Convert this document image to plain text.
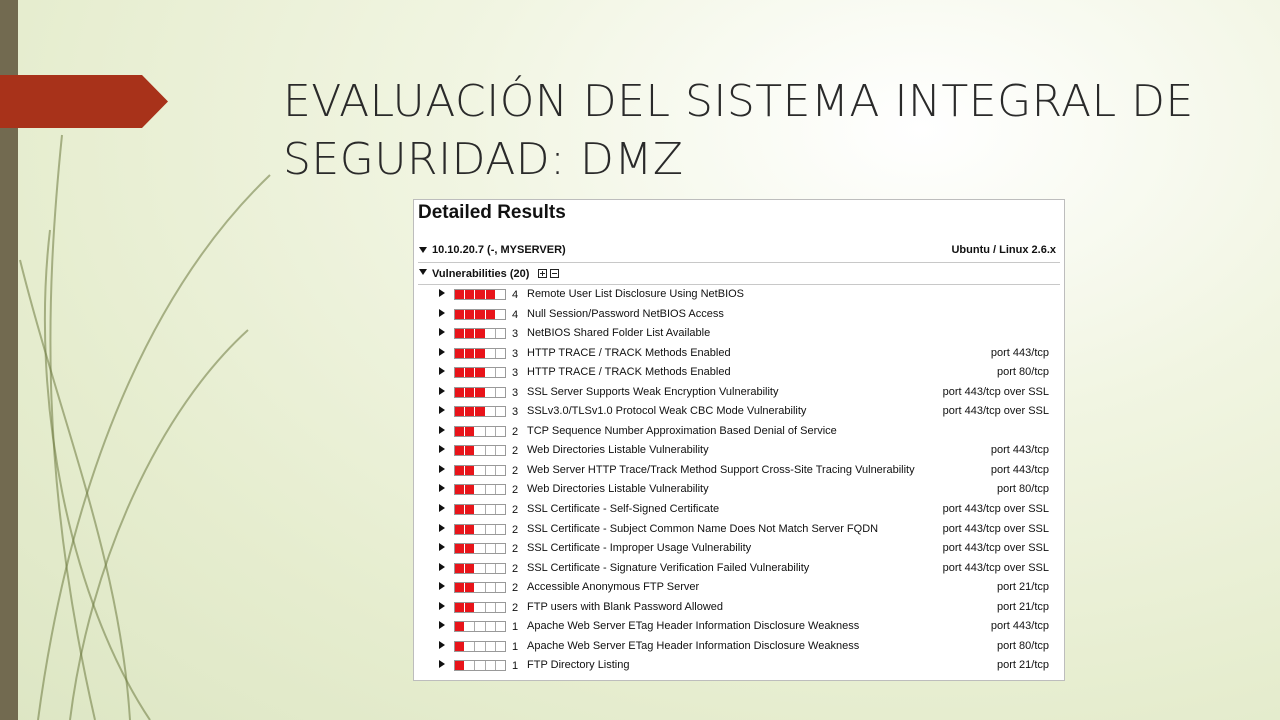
EVALUACIÓN DEL SISTEMA INTEGRAL DE
SEGURIDAD: DMZ
Detailed Results
10.10.20.7 (-, MYSERVER)	Ubuntu / Linux 2.6.x
Vulnerabilities (20)
4 Remote User List Disclosure Using NetBIOS
4 Null Session/Password NetBIOS Access
3 NetBIOS Shared Folder List Available
3 HTTP TRACE / TRACK Methods Enabled	port 443/tcp
3 HTTP TRACE / TRACK Methods Enabled	port 80/tcp
3 SSL Server Supports Weak Encryption Vulnerability	port 443/tcp over SSL
3 SSLv3.0/TLSv1.0 Protocol Weak CBC Mode Vulnerability	port 443/tcp over SSL
2 TCP Sequence Number Approximation Based Denial of Service
2 Web Directories Listable Vulnerability	port 443/tcp
2 Web Server HTTP Trace/Track Method Support Cross-Site Tracing Vulnerability	port 443/tcp
2 Web Directories Listable Vulnerability	port 80/tcp
2 SSL Certificate - Self-Signed Certificate	port 443/tcp over SSL
2 SSL Certificate - Subject Common Name Does Not Match Server FQDN	port 443/tcp over SSL
2 SSL Certificate - Improper Usage Vulnerability	port 443/tcp over SSL
2 SSL Certificate - Signature Verification Failed Vulnerability	port 443/tcp over SSL
2 Accessible Anonymous FTP Server	port 21/tcp
2 FTP users with Blank Password Allowed	port 21/tcp
1 Apache Web Server ETag Header Information Disclosure Weakness	port 443/tcp
1 Apache Web Server ETag Header Information Disclosure Weakness	port 80/tcp
1 FTP Directory Listing	port 21/tcp
